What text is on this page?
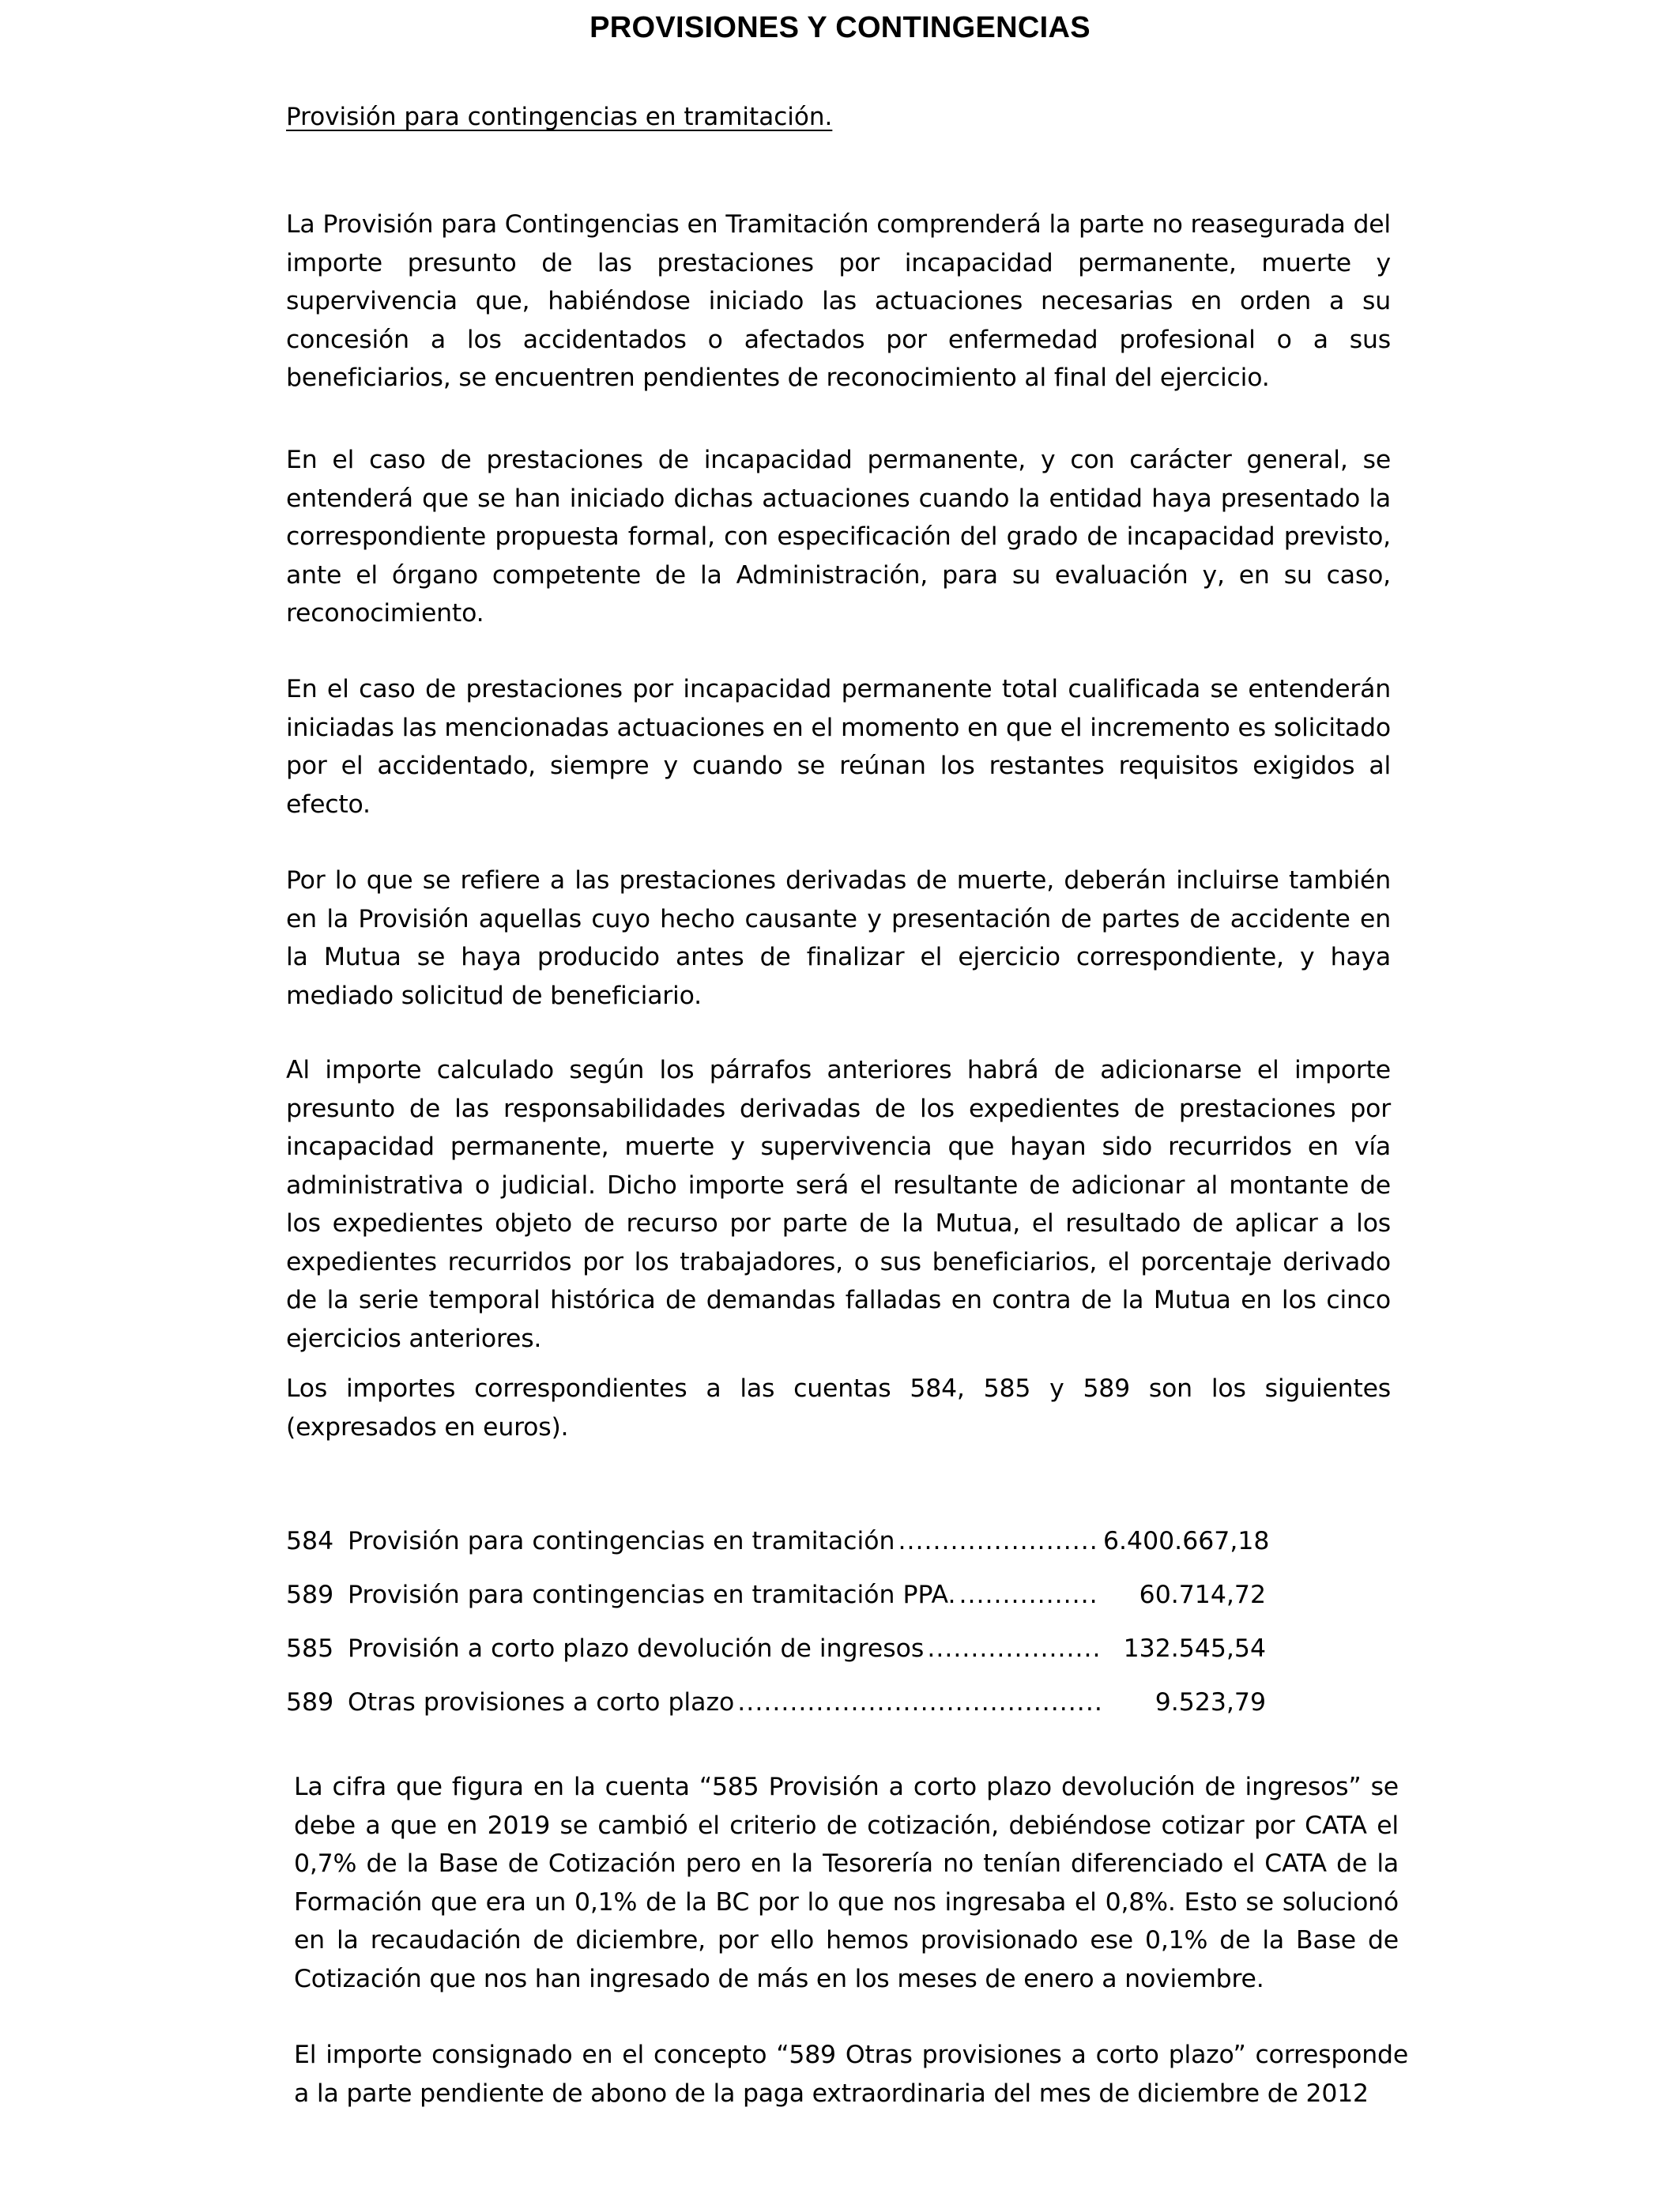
PROVISIONES Y CONTINGENCIAS
Provisión para contingencias en tramitación.

La Provisión para Contingencias en Tramitación comprenderá la parte no reasegurada del importe presunto de las prestaciones por incapacidad permanente, muerte y supervivencia que, habiéndose iniciado las actuaciones necesarias en orden a su concesión a los accidentados o afectados por enfermedad profesional o a sus beneficiarios, se encuentren pendientes de reconocimiento al final del ejercicio.

En el caso de prestaciones de incapacidad permanente, y con carácter general, se entenderá que se han iniciado dichas actuaciones cuando la entidad haya presentado la correspondiente propuesta formal, con especificación del grado de incapacidad previsto, ante el órgano competente de la Administración, para su evaluación y, en su caso, reconocimiento.

En el caso de prestaciones por incapacidad permanente total cualificada se entenderán iniciadas las mencionadas actuaciones en el momento en que el incremento es solicitado por el accidentado, siempre y cuando se reúnan los restantes requisitos exigidos al efecto.

Por lo que se refiere a las prestaciones derivadas de muerte, deberán incluirse también en la Provisión aquellas cuyo hecho causante y presentación de partes de accidente en la Mutua se haya producido antes de finalizar el ejercicio correspondiente, y haya mediado solicitud de beneficiario.

Al importe calculado según los párrafos anteriores habrá de adicionarse el importe presunto de las responsabilidades derivadas de los expedientes de prestaciones por incapacidad permanente, muerte y supervivencia que hayan sido recurridos en vía administrativa o judicial. Dicho importe será el resultante de adicionar al montante de los expedientes objeto de recurso por parte de la Mutua, el resultado de aplicar a los expedientes recurridos por los trabajadores, o sus beneficiarios, el porcentaje derivado de la serie temporal histórica de demandas falladas en contra de la Mutua en los cinco ejercicios anteriores.

Los importes correspondientes a las cuentas 584, 585 y 589 son los siguientes (expresados en euros).

584 Provisión para contingencias en tramitación .....	6.400.667,18
589 Provisión para contingencias en tramitación PPA. .....	60.714,72
585 Provisión a corto plazo devolución de ingresos .....	132.545,54
589 Otras provisiones a corto plazo .....	9.523,79

La cifra que figura en la cuenta “585 Provisión a corto plazo devolución de ingresos” se debe a que en 2019 se cambió el criterio de cotización, debiéndose cotizar por CATA el 0,7% de la Base de Cotización pero en la Tesorería no tenían diferenciado el CATA de la Formación que era un 0,1% de la BC por lo que nos ingresaba el 0,8%. Esto se solucionó en la recaudación de diciembre, por ello hemos provisionado ese 0,1% de la Base de Cotización que nos han ingresado de más en los meses de enero a noviembre.

El importe consignado en el concepto “589 Otras provisiones a corto plazo” corresponde a la parte pendiente de abono de la paga extraordinaria del mes de diciembre de 2012
